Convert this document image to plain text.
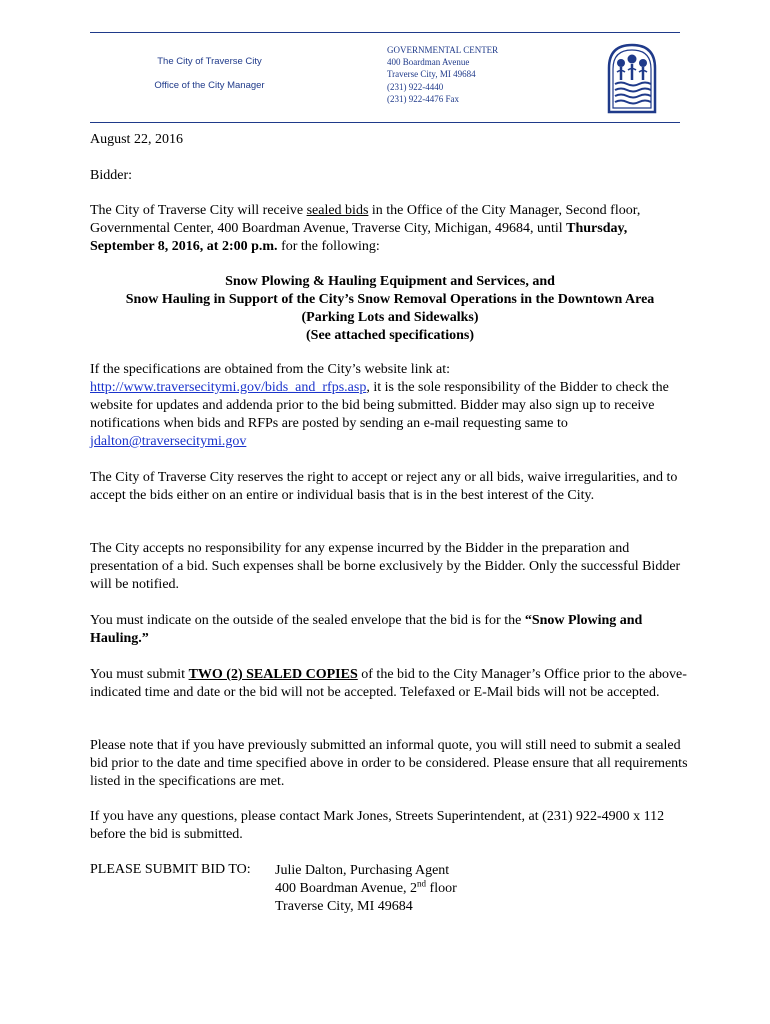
The City of Traverse City
Office of the City Manager
GOVERNMENTAL CENTER
400 Boardman Avenue
Traverse City, MI 49684
(231) 922-4440
(231) 922-4476 Fax
August 22, 2016
Bidder:
The City of Traverse City will receive sealed bids in the Office of the City Manager, Second floor, Governmental Center, 400 Boardman Avenue, Traverse City, Michigan, 49684, until Thursday, September 8, 2016, at 2:00 p.m. for the following:
Snow Plowing & Hauling Equipment and Services, and
Snow Hauling in Support of the City’s Snow Removal Operations in the Downtown Area
(Parking Lots and Sidewalks)
(See attached specifications)
If the specifications are obtained from the City’s website link at: http://www.traversecitymi.gov/bids_and_rfps.asp, it is the sole responsibility of the Bidder to check the website for updates and addenda prior to the bid being submitted. Bidder may also sign up to receive notifications when bids and RFPs are posted by sending an e-mail requesting same to jdalton@traversecitymi.gov
The City of Traverse City reserves the right to accept or reject any or all bids, waive irregularities, and to accept the bids either on an entire or individual basis that is in the best interest of the City.
The City accepts no responsibility for any expense incurred by the Bidder in the preparation and presentation of a bid. Such expenses shall be borne exclusively by the Bidder. Only the successful Bidder will be notified.
You must indicate on the outside of the sealed envelope that the bid is for the “Snow Plowing and Hauling.”
You must submit TWO (2) SEALED COPIES of the bid to the City Manager’s Office prior to the above-indicated time and date or the bid will not be accepted. Telefaxed or E-Mail bids will not be accepted.
Please note that if you have previously submitted an informal quote, you will still need to submit a sealed bid prior to the date and time specified above in order to be considered. Please ensure that all requirements listed in the specifications are met.
If you have any questions, please contact Mark Jones, Streets Superintendent, at (231) 922-4900 x 112 before the bid is submitted.
PLEASE SUBMIT BID TO: Julie Dalton, Purchasing Agent
400 Boardman Avenue, 2nd floor
Traverse City, MI 49684
